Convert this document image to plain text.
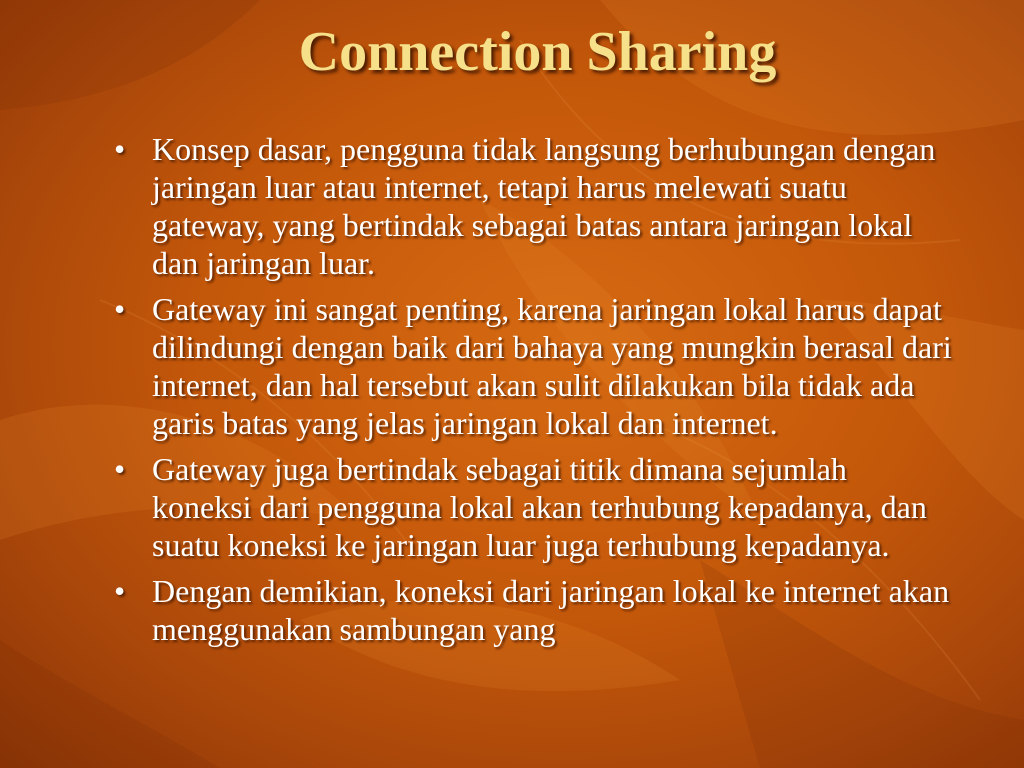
Connection Sharing
• Konsep dasar, pengguna tidak langsung berhubungan dengan jaringan luar atau internet, tetapi harus melewati suatu gateway, yang bertindak sebagai batas antara jaringan lokal dan jaringan luar.
• Gateway ini sangat penting, karena jaringan lokal harus dapat dilindungi dengan baik dari bahaya yang mungkin berasal dari internet, dan hal tersebut akan sulit dilakukan bila tidak ada garis batas yang jelas jaringan lokal dan internet.
• Gateway juga bertindak sebagai titik dimana sejumlah koneksi dari pengguna lokal akan terhubung kepadanya, dan suatu koneksi ke jaringan luar juga terhubung kepadanya.
• Dengan demikian, koneksi dari jaringan lokal ke internet akan menggunakan sambungan yang
